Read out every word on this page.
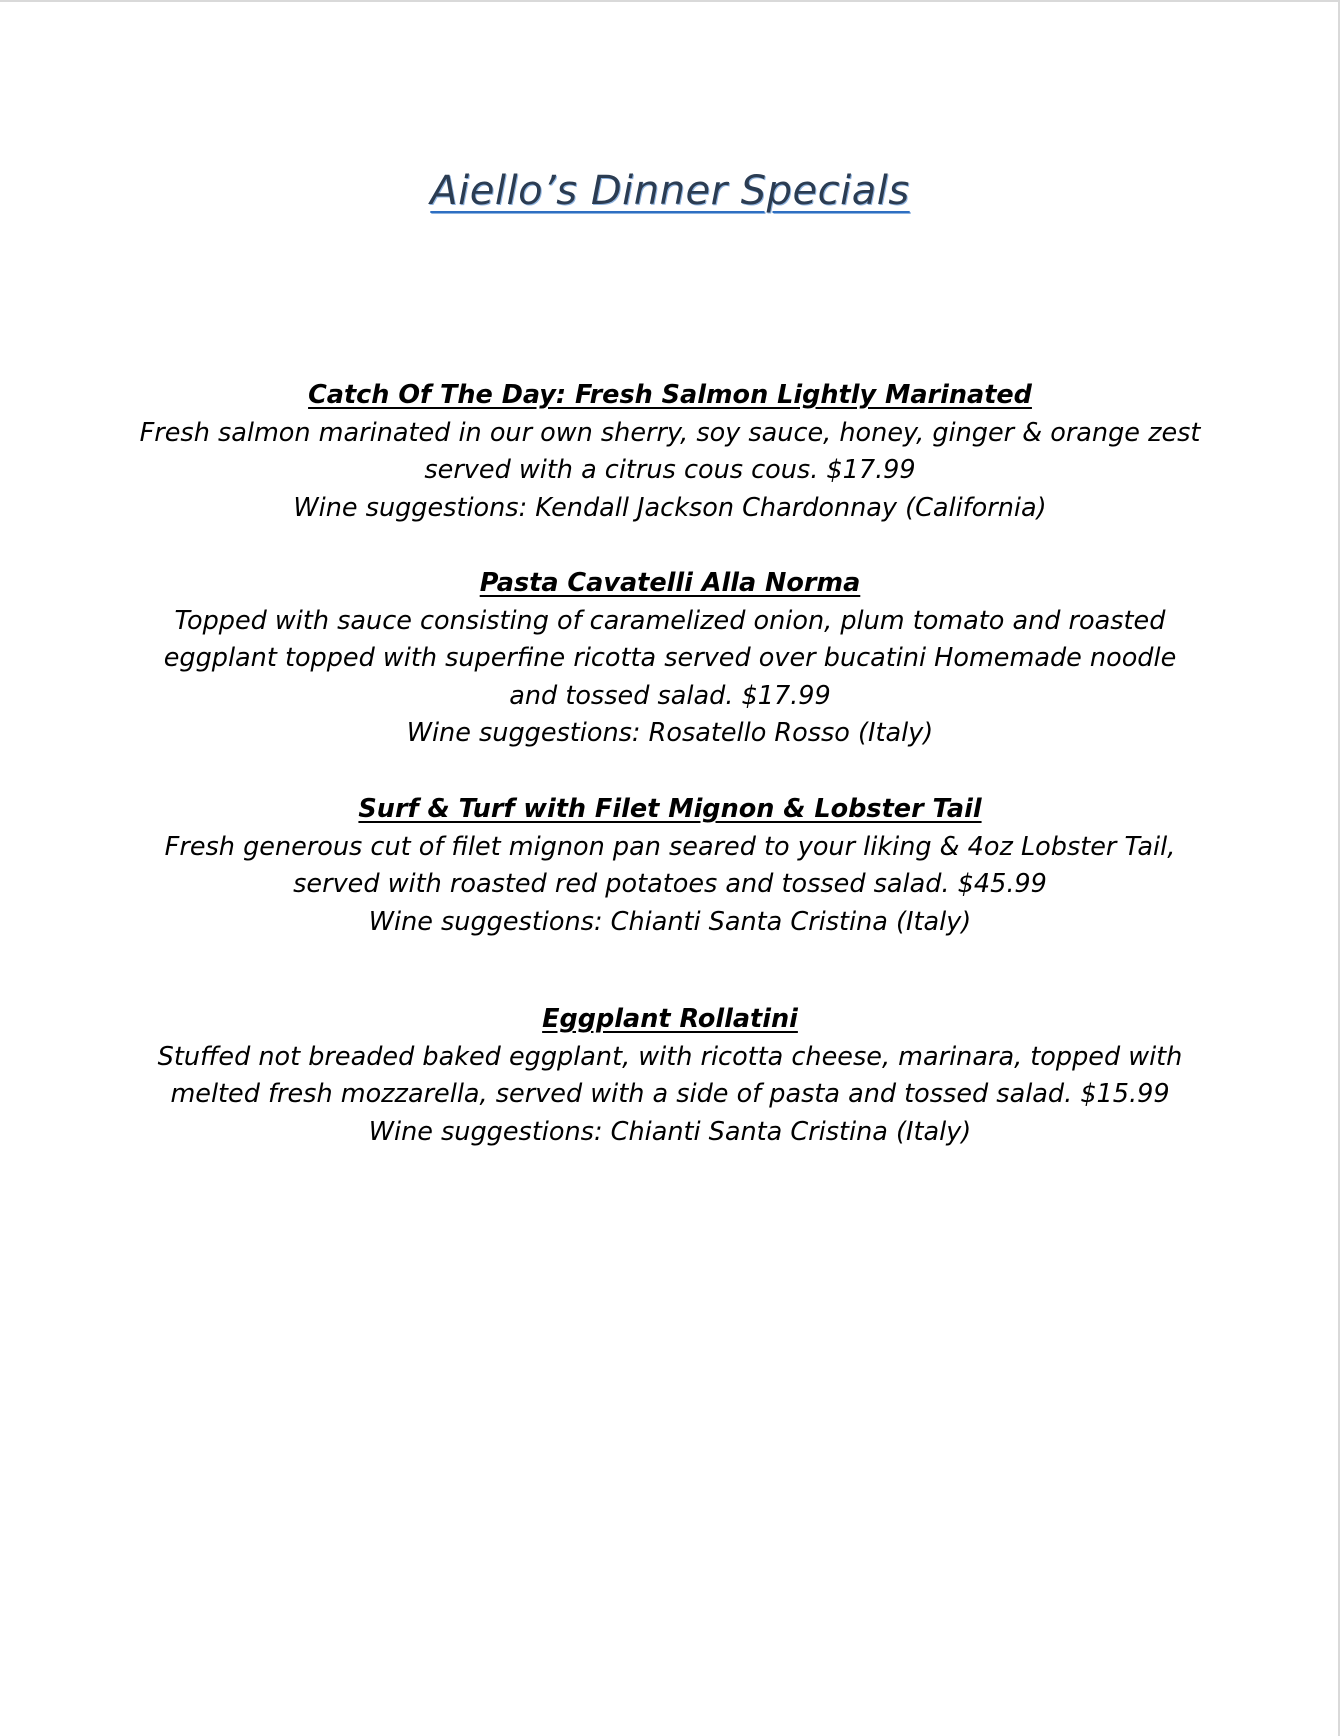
Aiello’s Dinner Specials
Catch Of The Day: Fresh Salmon Lightly Marinated
Fresh salmon marinated in our own sherry, soy sauce, honey, ginger & orange zest
served with a citrus cous cous. $17.99
Wine suggestions: Kendall Jackson Chardonnay (California)
Pasta Cavatelli Alla Norma
Topped with sauce consisting of caramelized onion, plum tomato and roasted
eggplant topped with superfine ricotta served over bucatini Homemade noodle
and tossed salad. $17.99
Wine suggestions: Rosatello Rosso (Italy)
Surf & Turf with Filet Mignon & Lobster Tail
Fresh generous cut of filet mignon pan seared to your liking & 4oz Lobster Tail,
served with roasted red potatoes and tossed salad. $45.99
Wine suggestions: Chianti Santa Cristina (Italy)
Eggplant Rollatini
Stuffed not breaded baked eggplant, with ricotta cheese, marinara, topped with
melted fresh mozzarella, served with a side of pasta and tossed salad. $15.99
Wine suggestions: Chianti Santa Cristina (Italy)
